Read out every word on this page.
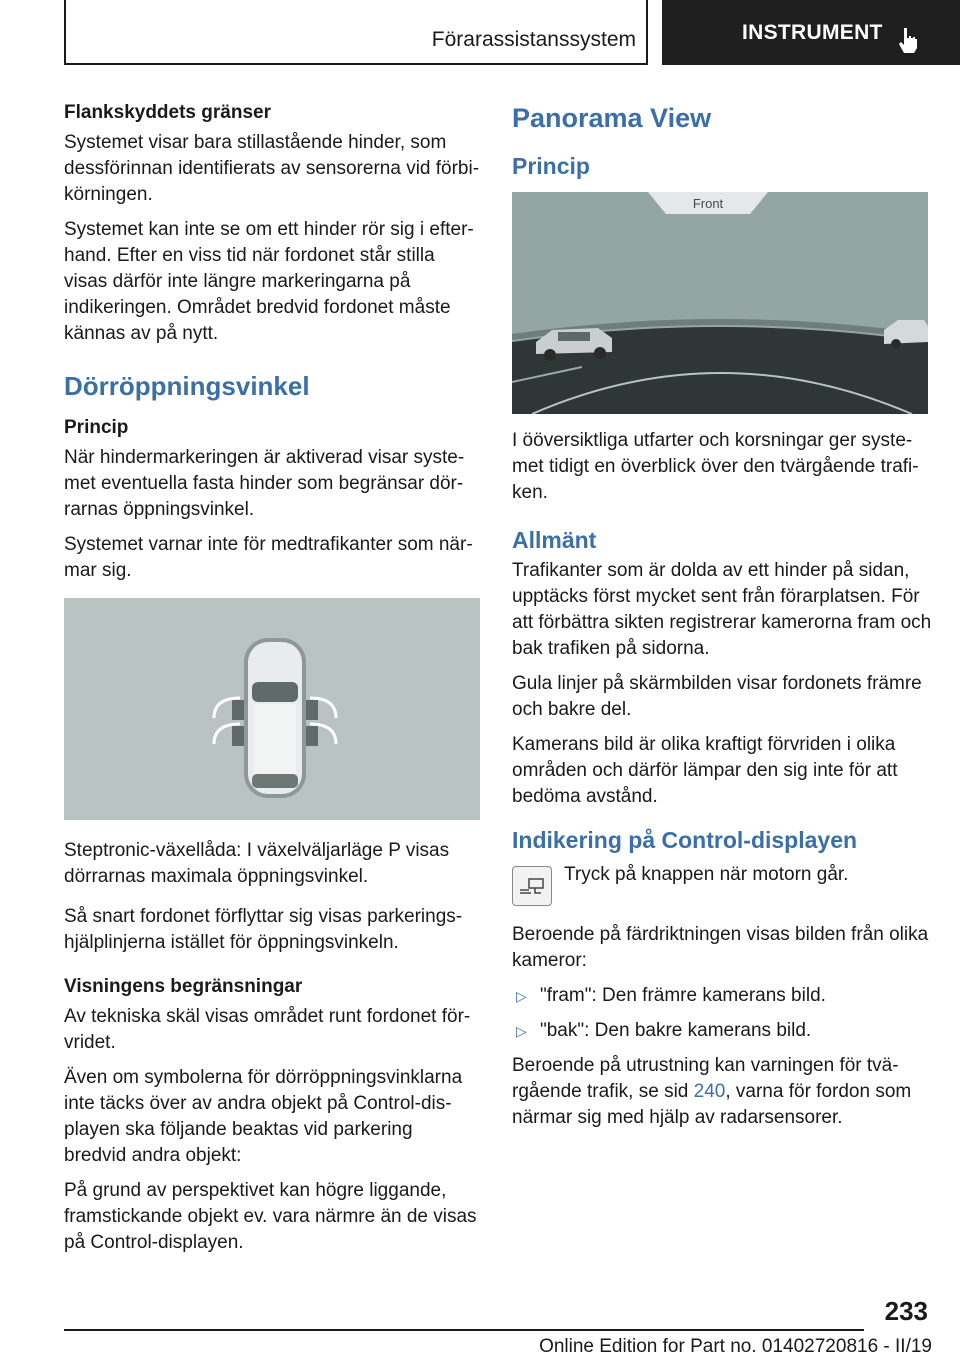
Förarassistanssystem	INSTRUMENT
Flankskyddets gränser

Systemet visar bara stillastående hinder, som dessförinnan identifierats av sensorerna vid förbikörningen.

Systemet kan inte se om ett hinder rör sig i efterhand. Efter en viss tid när fordonet står stilla visas därför inte längre markeringarna på indikeringen. Området bredvid fordonet måste kännas av på nytt.

Dörröppningsvinkel
Princip

När hindermarkeringen är aktiverad visar systemet eventuella fasta hinder som begränsar dörrarnas öppningsvinkel.

Systemet varnar inte för medtrafikanter som närmar sig.

Steptronic-växellåda: I växelväljarläge P visas dörrarnas maximala öppningsvinkel.

Så snart fordonet förflyttar sig visas parkeringshjälplinjerna istället för öppningsvinkeln.

Visningens begränsningar

Av tekniska skäl visas området runt fordonet förvridet.

Även om symbolerna för dörröppningsvinklarna inte täcks över av andra objekt på Control-displayen ska följande beaktas vid parkering bredvid andra objekt:

På grund av perspektivet kan högre liggande, framstickande objekt ev. vara närmre än de visas på Control-displayen.

Panorama View
Princip
Front

I ööversiktliga utfarter och korsningar ger systemet tidigt en överblick över den tvärgående trafiken.

Allmänt

Trafikanter som är dolda av ett hinder på sidan, upptäcks först mycket sent från förarplatsen. För att förbättra sikten registrerar kamerorna fram och bak trafiken på sidorna.

Gula linjer på skärmbilden visar fordonets främre och bakre del.

Kamerans bild är olika kraftigt förvriden i olika områden och därför lämpar den sig inte för att bedöma avstånd.

Indikering på Control-displayen

Tryck på knappen när motorn går.

Beroende på färdriktningen visas bilden från olika kameror:

▷ "fram": Den främre kamerans bild.
▷ "bak": Den bakre kamerans bild.

Beroende på utrustning kan varningen för tvärgående trafik, se sid 240, varna för fordon som närmar sig med hjälp av radarsensorer.

233
Online Edition for Part no. 01402720816 - II/19
